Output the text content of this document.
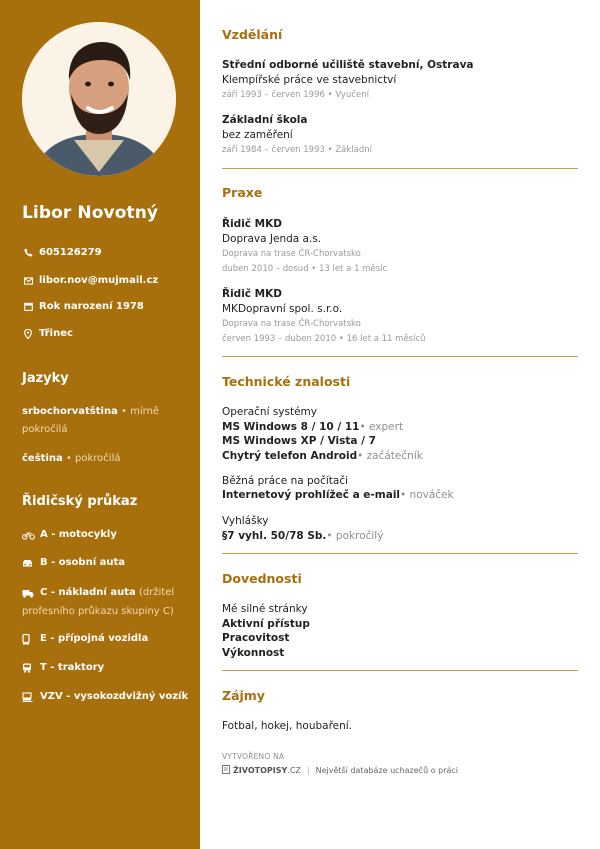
Libor Novotný
605126279
libor.nov@mujmail.cz
Rok narození 1978
Třinec
Jazyky
srbochorvatština • mírně pokročilá
čeština • pokročilá
Řidičský průkaz
A - motocykly
B - osobní auta
C - nákladní auta (držitel profesního průkazu skupiny C)
E - přípojná vozidla
T - traktory
VZV - vysokozdvižný vozík
Vzdělání
Střední odborné učiliště stavební, Ostrava
Klempířské práce ve stavebnictví
září 1993 – červen 1996 • Vyučení
Základní škola
bez zaměření
září 1984 – červen 1993 • Základní
Praxe
Řidič MKD
Doprava Jenda a.s.
Doprava na trase ČR-Chorvatsko
duben 2010 – dosud • 13 let a 1 měsíc
Řidič MKD
MKDopravní spol. s.r.o.
Doprava na trase ČR-Chorvatsko
červen 1993 – duben 2010 • 16 let a 11 měsíců
Technické znalosti
Operační systémy
MS Windows 8 / 10 / 11• expert
MS Windows XP / Vista / 7
Chytrý telefon Android• začátečník
Běžná práce na počítači
Internetový prohlížeč a e-mail• nováček
Vyhlášky
§7 vyhl. 50/78 Sb.• pokročilý
Dovednosti
Mé silné stránky
Aktivní přístup
Pracovitost
Výkonnost
Zájmy
Fotbal, hokej, houbaření.
VYTVOŘENO NA
ŽIVOTOPISY .CZ | Největší databáze uchazečů o práci
